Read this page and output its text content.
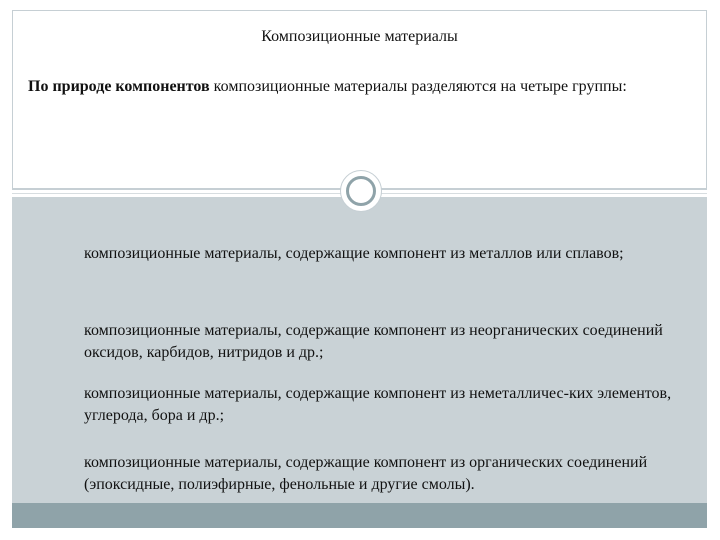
Композиционные материалы
По природе компонентов композиционные материалы разделяются на четыре группы:
композиционные материалы, содержащие компонент из металлов или сплавов;
композиционные материалы, содержащие компонент из неорганических соединений оксидов, карбидов, нитридов и др.;
композиционные материалы, содержащие компонент из неметалличес-ких элементов, углерода, бора и др.;
композиционные материалы, содержащие компонент из органических соединений (эпоксидные, полиэфирные, фенольные и другие смолы).
